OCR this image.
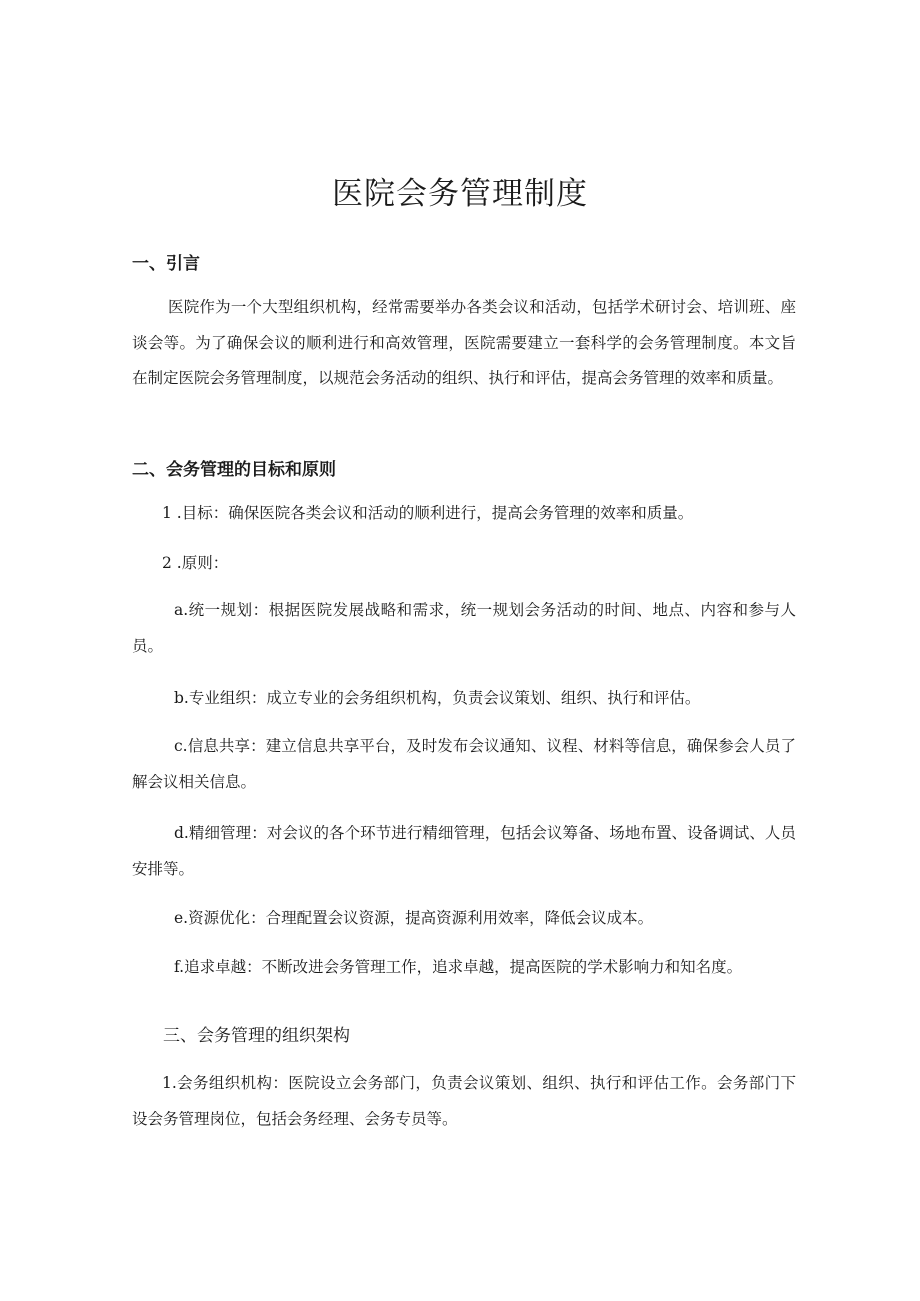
医院会务管理制度
一、引言

医院作为一个大型组织机构，经常需要举办各类会议和活动，包括学术研讨会、培训班、座谈会等。为了确保会议的顺利进行和高效管理，医院需要建立一套科学的会务管理制度。本文旨在制定医院会务管理制度，以规范会务活动的组织、执行和评估，提高会务管理的效率和质量。

二、会务管理的目标和原则

1 .目标：确保医院各类会议和活动的顺利进行，提高会务管理的效率和质量。

2 .原则：

a.统一规划：根据医院发展战略和需求，统一规划会务活动的时间、地点、内容和参与人员。

b.专业组织：成立专业的会务组织机构，负责会议策划、组织、执行和评估。

c.信息共享：建立信息共享平台，及时发布会议通知、议程、材料等信息，确保参会人员了解会议相关信息。

d.精细管理：对会议的各个环节进行精细管理，包括会议筹备、场地布置、设备调试、人员安排等。

e.资源优化：合理配置会议资源，提高资源利用效率，降低会议成本。

f.追求卓越：不断改进会务管理工作，追求卓越，提高医院的学术影响力和知名度。

三、会务管理的组织架构

1.会务组织机构：医院设立会务部门，负责会议策划、组织、执行和评估工作。会务部门下设会务管理岗位，包括会务经理、会务专员等。
